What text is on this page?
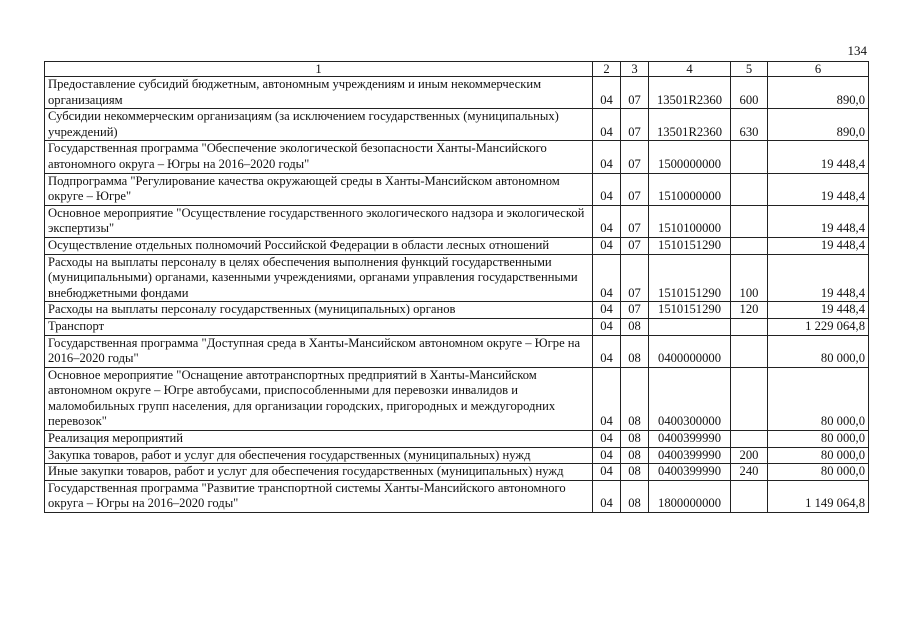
134
1	2	3	4	5	6
Предоставление субсидий бюджетным, автономным учреждениям и иным некоммерческим организациям	04	07	13501R2360	600	890,0
Субсидии некоммерческим организациям (за исключением государственных (муниципальных) учреждений)	04	07	13501R2360	630	890,0
Государственная программа "Обеспечение экологической безопасности Ханты-Мансийского автономного округа – Югры на 2016–2020 годы"	04	07	1500000000		19 448,4
Подпрограмма "Регулирование качества окружающей среды в Ханты-Мансийском автономном округе – Югре"	04	07	1510000000		19 448,4
Основное мероприятие "Осуществление государственного экологического надзора и экологической экспертизы"	04	07	1510100000		19 448,4
Осуществление отдельных полномочий Российской Федерации в области лесных отношений	04	07	1510151290		19 448,4
Расходы на выплаты персоналу в целях обеспечения выполнения функций государственными (муниципальными) органами, казенными учреждениями, органами управления государственными внебюджетными фондами	04	07	1510151290	100	19 448,4
Расходы на выплаты персоналу государственных (муниципальных) органов	04	07	1510151290	120	19 448,4
Транспорт	04	08			1 229 064,8
Государственная программа "Доступная среда в Ханты-Мансийском автономном округе – Югре на 2016–2020 годы"	04	08	0400000000		80 000,0
Основное мероприятие "Оснащение автотранспортных предприятий в Ханты-Мансийском автономном округе – Югре автобусами, приспособленными для перевозки инвалидов и маломобильных групп населения, для организации городских, пригородных и междугородних перевозок"	04	08	0400300000		80 000,0
Реализация мероприятий	04	08	0400399990		80 000,0
Закупка товаров, работ и услуг для обеспечения государственных (муниципальных) нужд	04	08	0400399990	200	80 000,0
Иные закупки товаров, работ и услуг для обеспечения государственных (муниципальных) нужд	04	08	0400399990	240	80 000,0
Государственная программа "Развитие транспортной системы Ханты-Мансийского автономного округа – Югры на 2016–2020 годы"	04	08	1800000000		1 149 064,8
